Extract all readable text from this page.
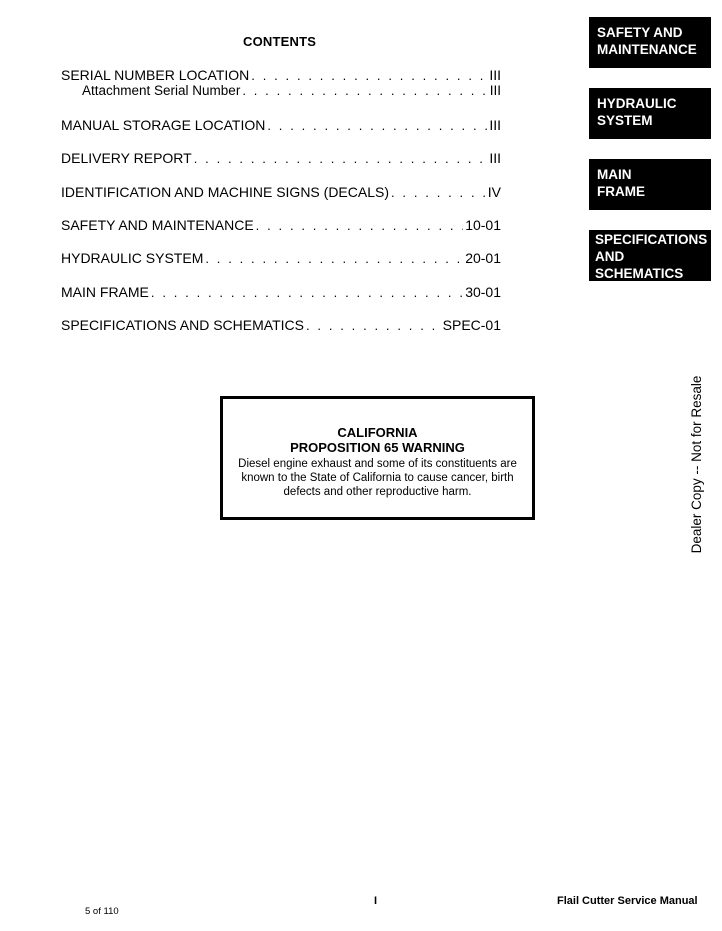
CONTENTS
SERIAL NUMBER LOCATION . . .	III
Attachment Serial Number . . .	III
MANUAL STORAGE LOCATION . . .	III
DELIVERY REPORT . . .	III
IDENTIFICATION AND MACHINE SIGNS (DECALS) . . .	IV
SAFETY AND MAINTENANCE . . .	10-01
HYDRAULIC SYSTEM . . .	20-01
MAIN FRAME . . .	30-01
SPECIFICATIONS AND SCHEMATICS . . .	SPEC-01
SAFETY AND
MAINTENANCE
HYDRAULIC
SYSTEM
MAIN
FRAME
SPECIFICATIONS
AND
SCHEMATICS
Dealer Copy -- Not for Resale
CALIFORNIA
PROPOSITION 65 WARNING
Diesel engine exhaust and some of its constituents are
known to the State of California to cause cancer, birth
defects and other reproductive harm.
I	Flail Cutter Service Manual
5 of 110
